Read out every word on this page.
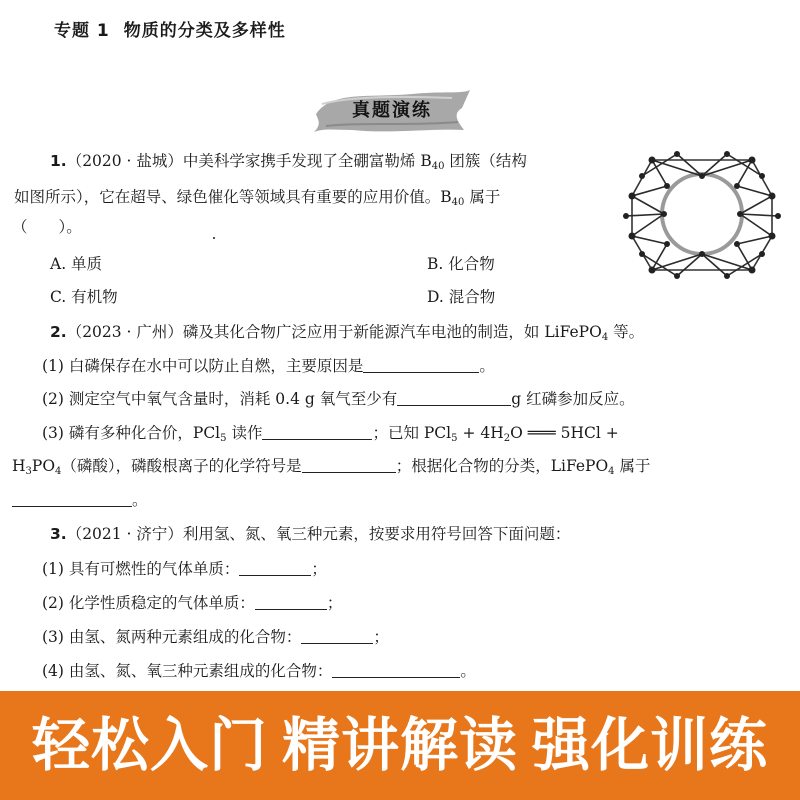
专题 1 物质的分类及多样性
真题演练
1.（2020 · 盐城）中美科学家携手发现了全硼富勒烯 $B_{40}$ 团簇（结构
如图所示），它在超导、绿色催化等领域具有重要的应用价值。$B_{40}$ 属于
（　　）。
A. 单质	B. 化合物
C. 有机物	D. 混合物
2.（2023 · 广州）磷及其化合物广泛应用于新能源汽车电池的制造，如 LiFePO$_4$ 等。
(1) 白磷保存在水中可以防止自燃，主要原因是	。
(2) 测定空气中氧气含量时，消耗 0.4 g 氧气至少有	g 红磷参加反应。
(3) 磷有多种化合价，PCl$_5$ 读作	；已知 $PCl_5 + 4H_2O$ ═══ 5HCl +
$H_3PO_4$（磷酸），磷酸根离子的化学符号是	；根据化合物的分类，LiFePO$_4$ 属于
。
3.（2021 · 济宁）利用氢、氮、氧三种元素，按要求用符号回答下面问题：
(1) 具有可燃性的气体单质：	；
(2) 化学性质稳定的气体单质：	；
(3) 由氢、氮两种元素组成的化合物：	；
(4) 由氢、氮、氧三种元素组成的化合物：	。
轻松入门 精讲解读 强化训练
